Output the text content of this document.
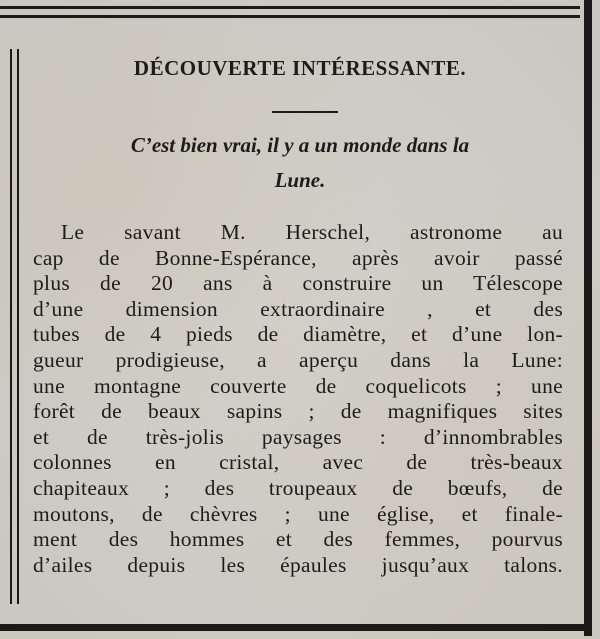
DÉCOUVERTE INTÉRESSANTE.
C’est bien vrai, il y a un monde dans la
Lune.
Le savant M. Herschel, astronome au
cap de Bonne-Espérance, après avoir passé
plus de 20 ans à construire un Télescope
d’une dimension extraordinaire , et des
tubes de 4 pieds de diamètre, et d’une lon-
gueur prodigieuse, a aperçu dans la Lune:
une montagne couverte de coquelicots ; une
forêt de beaux sapins ; de magnifiques sites
et de très-jolis paysages : d’innombrables
colonnes en cristal, avec de très-beaux
chapiteaux ; des troupeaux de bœufs, de
moutons, de chèvres ; une église, et finale-
ment des hommes et des femmes, pourvus
d’ailes depuis les épaules jusqu’aux talons.
